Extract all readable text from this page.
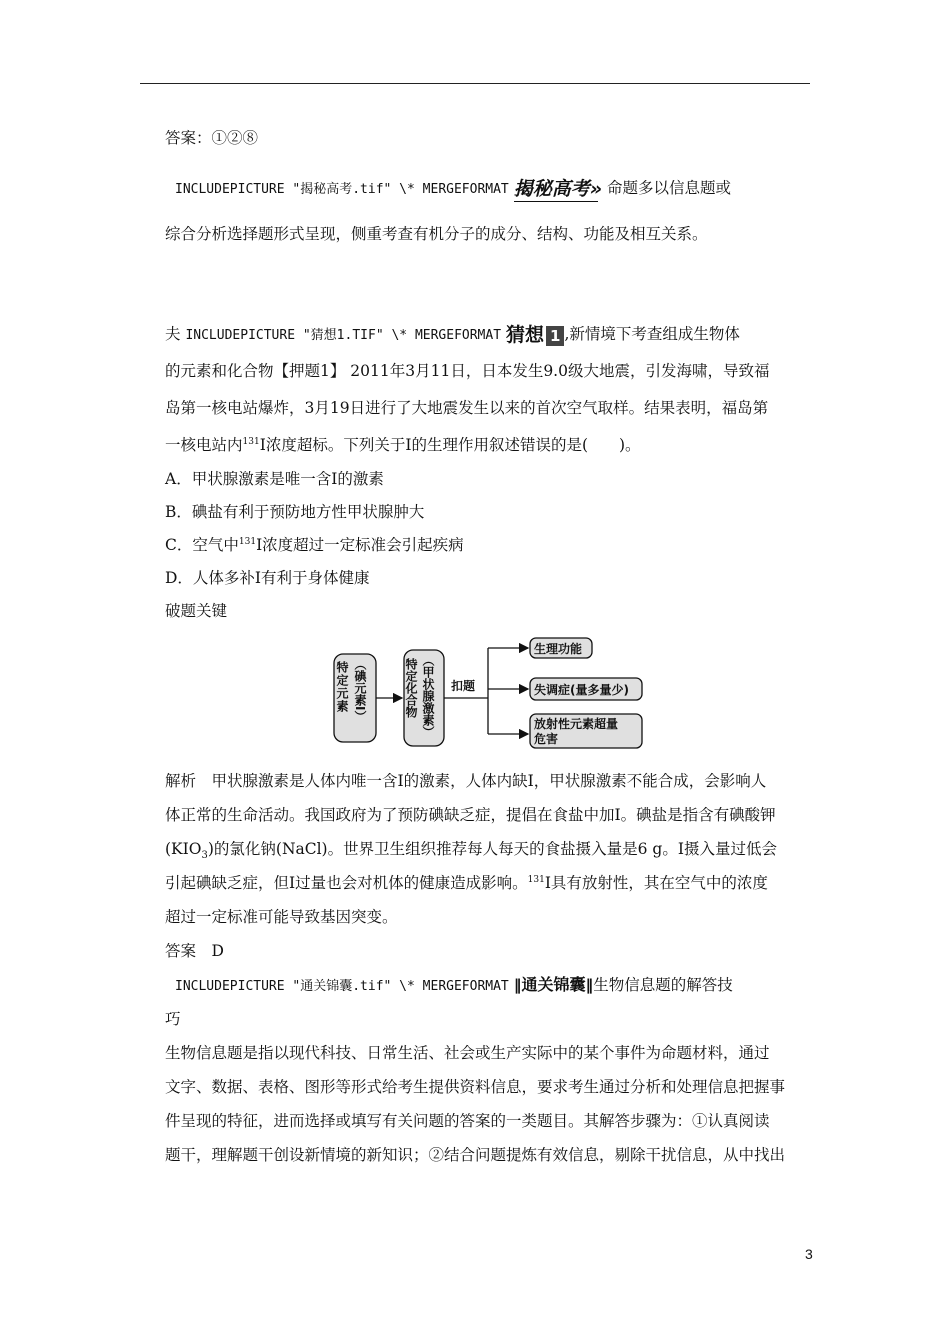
答案：①②⑧
INCLUDEPICTURE "揭秘高考.tif" \* MERGEFORMAT 揭秘高考» 命题多以信息题或
综合分析选择题形式呈现，侧重考查有机分子的成分、结构、功能及相互关系。
夫 INCLUDEPICTURE "猜想1.TIF" \* MERGEFORMAT 猜想 1 ,新情境下考查组成生物体
的元素和化合物【押题1】 2011年3月11日，日本发生9.0级大地震，引发海啸，导致福
岛第一核电站爆炸，3月19日进行了大地震发生以来的首次空气取样。结果表明，福岛第
一核电站内$^{131}$I浓度超标。下列关于I的生理作用叙述错误的是(　　)。
A．甲状腺激素是唯一含I的激素
B．碘盐有利于预防地方性甲状腺肿大
C．空气中$^{131}$I浓度超过一定标准会引起疾病
D．人体多补I有利于身体健康
破题关键
特定元素 （碘元素I）	特定化合物 （甲状腺激素） 扣题
生理功能
失调症(量多量少)
放射性元素超量
危害
解析　甲状腺激素是人体内唯一含I的激素，人体内缺I，甲状腺激素不能合成，会影响人
体正常的生命活动。我国政府为了预防碘缺乏症，提倡在食盐中加I。碘盐是指含有碘酸钾
$(KIO_3)$的氯化钠(NaCl)。世界卫生组织推荐每人每天的食盐摄入量是6 g。I摄入量过低会
引起碘缺乏症，但I过量也会对机体的健康造成影响。$^{131}$I具有放射性，其在空气中的浓度
超过一定标准可能导致基因突变。
答案　D
INCLUDEPICTURE "通关锦囊.tif" \* MERGEFORMAT ‖通关锦囊‖生物信息题的解答技
巧
生物信息题是指以现代科技、日常生活、社会或生产实际中的某个事件为命题材料，通过
文字、数据、表格、图形等形式给考生提供资料信息，要求考生通过分析和处理信息把握事
件呈现的特征，进而选择或填写有关问题的答案的一类题目。其解答步骤为：①认真阅读
题干，理解题干创设新情境的新知识；②结合问题提炼有效信息，剔除干扰信息，从中找出
3
